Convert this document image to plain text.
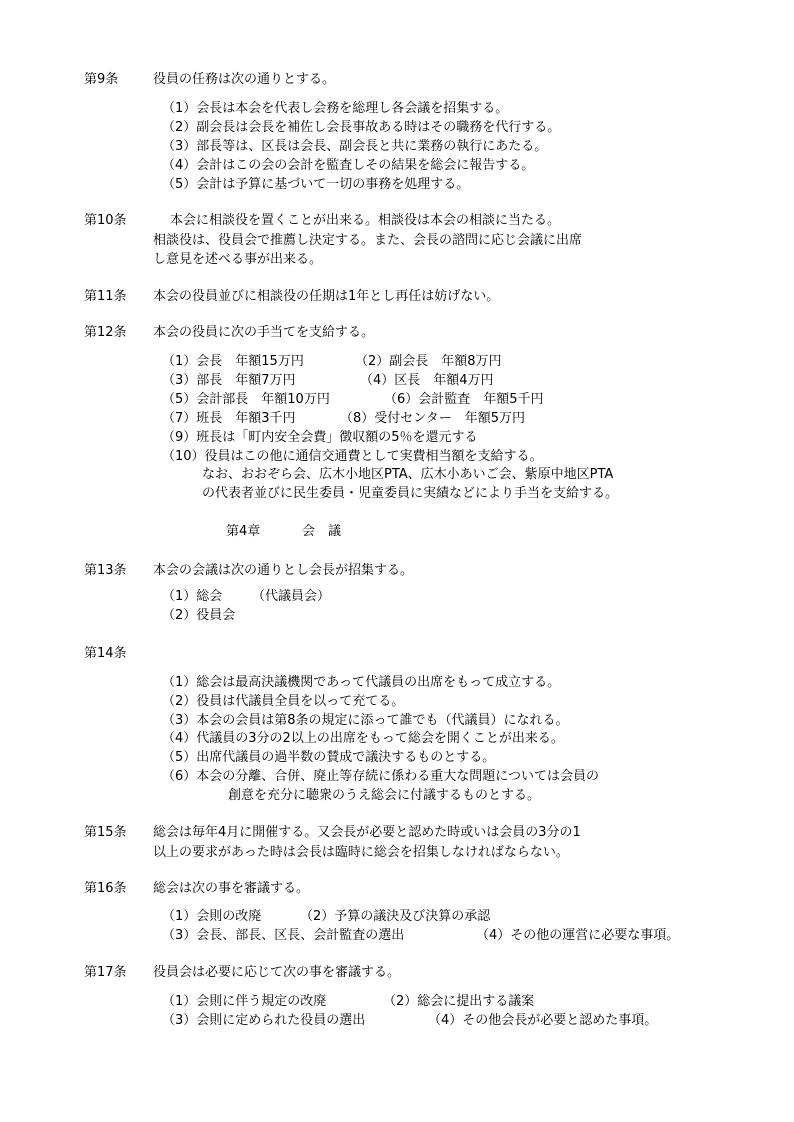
第9条	役員の任務は次の通りとする。
（1）会長は本会を代表し会務を総理し各会議を招集する。
（2）副会長は会長を補佐し会長事故ある時はその職務を代行する。
（3）部長等は、区長は会長、副会長と共に業務の執行にあたる。
（4）会計はこの会の会計を監査しその結果を総会に報告する。
（5）会計は予算に基づいて一切の事務を処理する。
第10条	本会に相談役を置くことが出来る。相談役は本会の相談に当たる。
相談役は、役員会で推薦し決定する。また、会長の諮問に応じ会議に出席
し意見を述べる事が出来る。
第11条 本会の役員並びに相談役の任期は1年とし再任は妨げない。
第12条 本会の役員に次の手当てを支給する。
（1）会長　年額15万円	（2）副会長　年額8万円
（3）部長　年額7万円	（4）区長　年額4万円
（5）会計部長　年額10万円	（6）会計監査　年額5千円
（7）班長　年額3千円	（8）受付センター　年額5万円
（9）班長は「町内安全会費」徴収額の5％を還元する
（10）役員はこの他に通信交通費として実費相当額を支給する。
なお、おおぞら会、広木小地区PTA、広木小あいご会、紫原中地区PTA
の代表者並びに民生委員・児童委員に実績などにより手当を支給する。
第4章	会　議
第13条 本会の会議は次の通りとし会長が招集する。
（1）総会 （代議員会）
（2）役員会
第14条
（1）総会は最高決議機関であって代議員の出席をもって成立する。
（2）役員は代議員全員を以って充てる。
（3）本会の会員は第8条の規定に添って誰でも（代議員）になれる。
（4）代議員の3分の2以上の出席をもって総会を開くことが出来る。
（5）出席代議員の過半数の賛成で議決するものとする。
（6）本会の分離、合併、廃止等存続に係わる重大な問題については会員の
創意を充分に聴衆のうえ総会に付議するものとする。
第15条 総会は毎年4月に開催する。又会長が必要と認めた時或いは会員の3分の1
以上の要求があった時は会長は臨時に総会を招集しなければならない。
第16条 総会は次の事を審議する。
（1）会則の改廃	（2）予算の議決及び決算の承認
（3）会長、部長、区長、会計監査の選出	（4）その他の運営に必要な事項。
第17条 役員会は必要に応じて次の事を審議する。
（1）会則に伴う規定の改廃	（2）総会に提出する議案
（3）会則に定められた役員の選出	（4）その他会長が必要と認めた事項。
